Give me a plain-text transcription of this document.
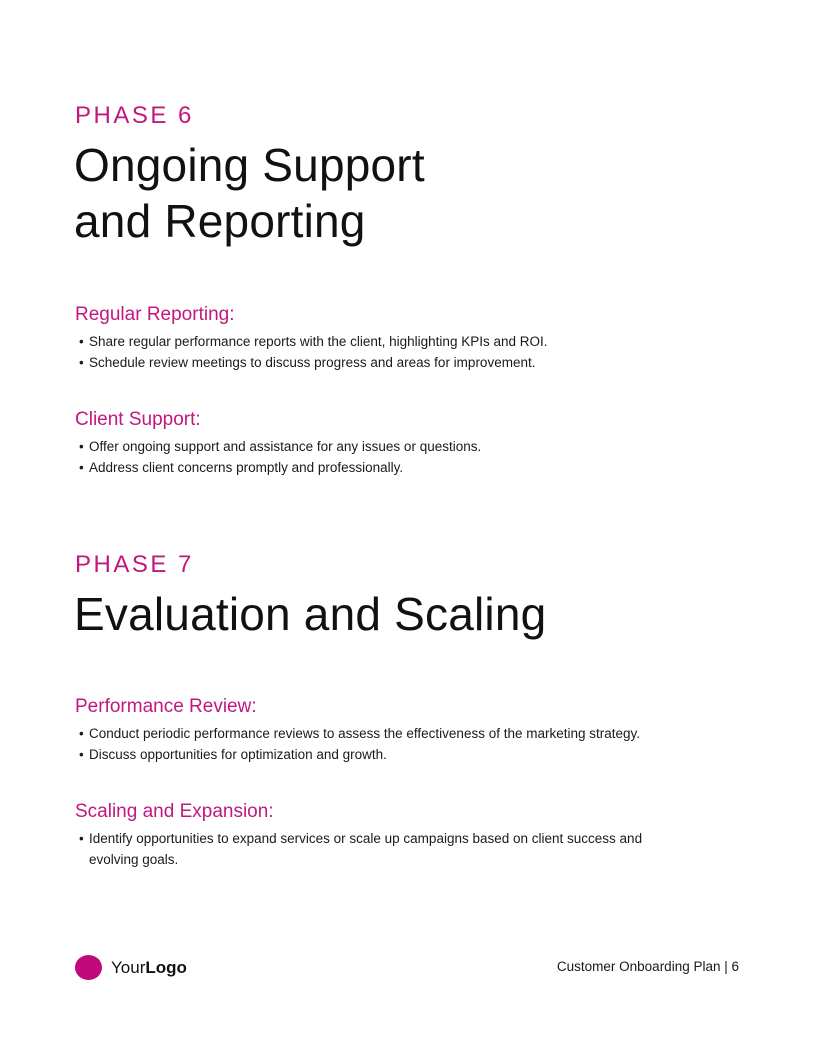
PHASE 6
Ongoing Support
and Reporting
Regular Reporting:
• Share regular performance reports with the client, highlighting KPIs and ROI.
• Schedule review meetings to discuss progress and areas for improvement.
Client Support:
• Offer ongoing support and assistance for any issues or questions.
• Address client concerns promptly and professionally.
PHASE 7
Evaluation and Scaling
Performance Review:
• Conduct periodic performance reviews to assess the effectiveness of the marketing strategy.
• Discuss opportunities for optimization and growth.
Scaling and Expansion:
• Identify opportunities to expand services or scale up campaigns based on client success and evolving goals.
YourLogo	Customer Onboarding Plan | 6
